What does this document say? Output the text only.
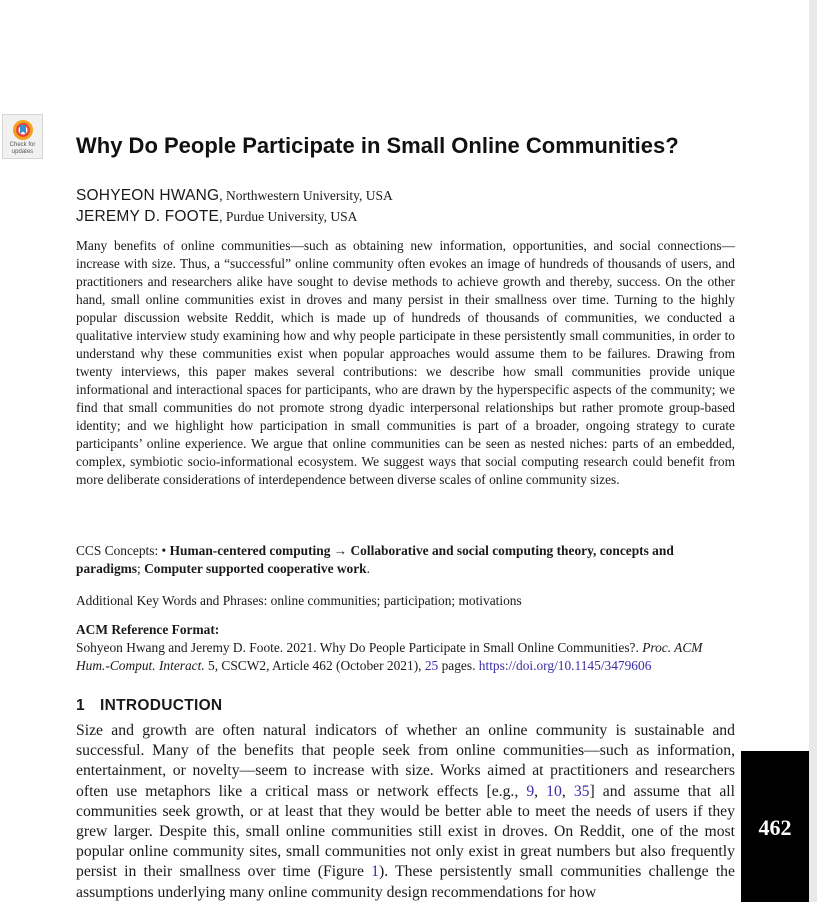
Check for
updates	Why Do People Participate in Small Online Communities?
SOHYEON HWANG, Northwestern University, USA
JEREMY D. FOOTE, Purdue University, USA
Many benefits of online communities—such as obtaining new information, opportunities, and social connections—increase with size. Thus, a “successful” online community often evokes an image of hundreds of thousands of users, and practitioners and researchers alike have sought to devise methods to achieve growth and thereby, success. On the other hand, small online communities exist in droves and many persist in their smallness over time. Turning to the highly popular discussion website Reddit, which is made up of hundreds of thousands of communities, we conducted a qualitative interview study examining how and why people participate in these persistently small communities, in order to understand why these communities exist when popular approaches would assume them to be failures. Drawing from twenty interviews, this paper makes several contributions: we describe how small communities provide unique informational and interactional spaces for participants, who are drawn by the hyperspecific aspects of the community; we find that small communities do not promote strong dyadic interpersonal relationships but rather promote group-based identity; and we highlight how participation in small communities is part of a broader, ongoing strategy to curate participants’ online experience. We argue that online communities can be seen as nested niches: parts of an embedded, complex, symbiotic socio-informational ecosystem. We suggest ways that social computing research could benefit from more deliberate considerations of interdependence between diverse scales of online community sizes.
CCS Concepts: • Human-centered computing → Collaborative and social computing theory, concepts and paradigms; Computer supported cooperative work.
Additional Key Words and Phrases: online communities; participation; motivations
ACM Reference Format:
Sohyeon Hwang and Jeremy D. Foote. 2021. Why Do People Participate in Small Online Communities?. Proc. ACM Hum.-Comput. Interact. 5, CSCW2, Article 462 (October 2021), 25 pages. https://doi.org/10.1145/3479606
1 INTRODUCTION
Size and growth are often natural indicators of whether an online community is sustainable and successful. Many of the benefits that people seek from online communities—such as information, entertainment, or novelty—seem to increase with size. Works aimed at practitioners and researchers often use metaphors like a critical mass or network effects [e.g., 9, 10, 35] and assume that all communities seek growth, or at least that they would be better able to meet the needs of users if they grew larger. Despite this, small online communities still exist in droves. On Reddit, one of the most popular online community sites, small communities not only exist in great numbers but also frequently persist in their smallness over time (Figure 1). These persistently small communities challenge the assumptions underlying many online community design recommendations for how
462
